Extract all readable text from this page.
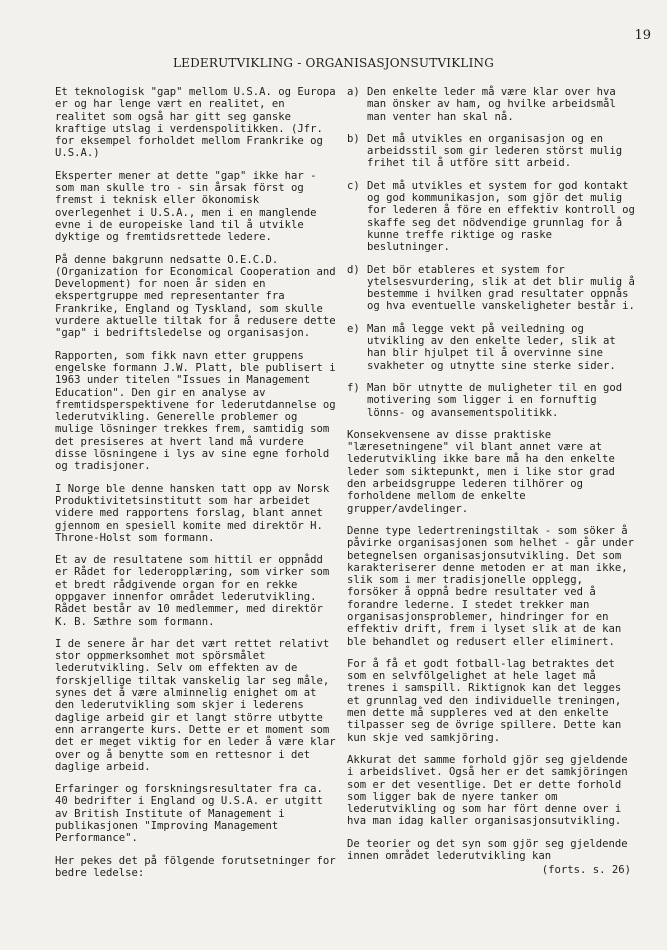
19
LEDERUTVIKLING - ORGANISASJONSUTVIKLING

Et teknologisk "gap" mellom U.S.A. og Europa er og har lenge vært en realitet, en realitet som også har gitt seg ganske kraftige utslag i verdenspolitikken. (Jfr. for eksempel forholdet mellom Frankrike og U.S.A.)

Eksperter mener at dette "gap" ikke har - som man skulle tro - sin årsak först og fremst i teknisk eller ökonomisk overlegenhet i U.S.A., men i en manglende evne i de europeiske land til å utvikle dyktige og fremtidsrettede ledere.

På denne bakgrunn nedsatte O.E.C.D. (Organization for Economical Cooperation and Development) for noen år siden en ekspertgruppe med representanter fra Frankrike, England og Tyskland, som skulle vurdere aktuelle tiltak for å redusere dette "gap" i bedriftsledelse og organisasjon.

Rapporten, som fikk navn etter gruppens engelske formann J.W. Platt, ble publisert i 1963 under titelen "Issues in Management Education". Den gir en analyse av fremtidsperspektivene for lederutdannelse og lederutvikling. Generelle problemer og mulige lösninger trekkes frem, samtidig som det presiseres at hvert land må vurdere disse lösningene i lys av sine egne forhold og tradisjoner.

I Norge ble denne hansken tatt opp av Norsk Produktivitetsinstitutt som har arbeidet videre med rapportens forslag, blant annet gjennom en spesiell komite med direktör H. Throne-Holst som formann.

Et av de resultatene som hittil er oppnådd er Rådet for lederopplæring, som virker som et bredt rådgivende organ for en rekke oppgaver innenfor området lederutvikling. Rådet består av 10 medlemmer, med direktör K. B. Sæthre som formann.

I de senere år har det vært rettet relativt stor oppmerksomhet mot spörsmålet lederutvikling. Selv om effekten av de forskjellige tiltak vanskelig lar seg måle, synes det å være alminnelig enighet om at den lederutvikling som skjer i lederens daglige arbeid gir et langt större utbytte enn arrangerte kurs. Dette er et moment som det er meget viktig for en leder å være klar over og å benytte som en rettesnor i det daglige arbeid.

Erfaringer og forskningsresultater fra ca. 40 bedrifter i England og U.S.A. er utgitt av British Institute of Management i publikasjonen "Improving Management Performance".

Her pekes det på fölgende forutsetninger for bedre ledelse:

a) Den enkelte leder må være klar over hva man önsker av ham, og hvilke arbeidsmål man venter han skal nå.
b) Det må utvikles en organisasjon og en arbeidsstil som gir lederen störst mulig frihet til å utföre sitt arbeid.
c) Det må utvikles et system for god kontakt og god kommunikasjon, som gjör det mulig for lederen å före en effektiv kontroll og skaffe seg det nödvendige grunnlag for å kunne treffe riktige og raske beslutninger.
d) Det bör etableres et system for ytelsesvurdering, slik at det blir mulig å bestemme i hvilken grad resultater oppnås og hva eventuelle vanskeligheter består i.
e) Man må legge vekt på veiledning og utvikling av den enkelte leder, slik at han blir hjulpet til å overvinne sine svakheter og utnytte sine sterke sider.
f) Man bör utnytte de muligheter til en god motivering som ligger i en fornuftig lönns- og avansementspolitikk.

Konsekvensene av disse praktiske "læresetningene" vil blant annet være at lederutvikling ikke bare må ha den enkelte leder som siktepunkt, men i like stor grad den arbeidsgruppe lederen tilhörer og forholdene mellom de enkelte grupper/avdelinger.

Denne type ledertreningstiltak - som söker å påvirke organisasjonen som helhet - går under betegnelsen organisasjonsutvikling. Det som karakteriserer denne metoden er at man ikke, slik som i mer tradisjonelle opplegg, forsöker å oppnå bedre resultater ved å forandre lederne. I stedet trekker man organisasjonsproblemer, hindringer for en effektiv drift, frem i lyset slik at de kan ble behandlet og redusert eller eliminert.

For å få et godt fotball-lag betraktes det som en selvfölgelighet at hele laget må trenes i samspill. Riktignok kan det legges et grunnlag ved den individuelle treningen, men dette må suppleres ved at den enkelte tilpasser seg de övrige spillere. Dette kan kun skje ved samkjöring.

Akkurat det samme forhold gjör seg gjeldende i arbeidslivet. Også her er det samkjöringen som er det vesentlige. Det er dette forhold som ligger bak de nyere tanker om lederutvikling og som har fört denne over i hva man idag kaller organisasjonsutvikling.

De teorier og det syn som gjör seg gjeldende innen området lederutvikling kan

(forts. s. 26)
